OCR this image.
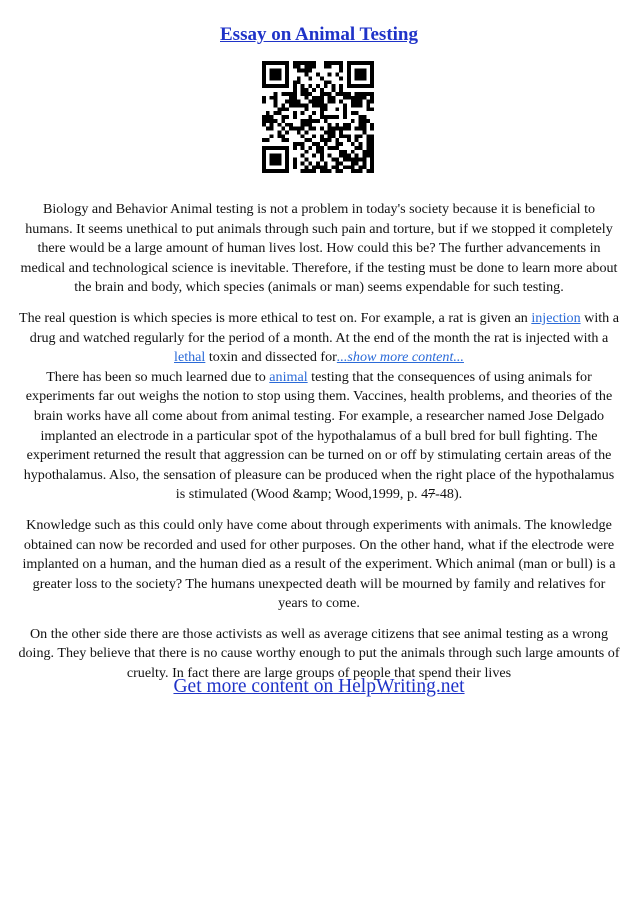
Essay on Animal Testing

Biology and Behavior Animal testing is not a problem in today's society because it is beneficial to humans. It seems unethical to put animals through such pain and torture, but if we stopped it completely there would be a large amount of human lives lost. How could this be? The further advancements in medical and technological science is inevitable. Therefore, if the testing must be done to learn more about the brain and body, which species (animals or man) seems expendable for such testing.

The real question is which species is more ethical to test on. For example, a rat is given an injection with a drug and watched regularly for the period of a month. At the end of the month the rat is injected with a lethal toxin and dissected for...show more content...

There has been so much learned due to animal testing that the consequences of using animals for experiments far out weighs the notion to stop using them. Vaccines, health problems, and theories of the brain works have all come about from animal testing. For example, a researcher named Jose Delgado implanted an electrode in a particular spot of the hypothalamus of a bull bred for bull fighting. The experiment returned the result that aggression can be turned on or off by stimulating certain areas of the hypothalamus. Also, the sensation of pleasure can be produced when the right place of the hypothalamus is stimulated (Wood &amp; Wood,1999, p. 47-48).

Knowledge such as this could only have come about through experiments with animals. The knowledge obtained can now be recorded and used for other purposes. On the other hand, what if the electrode were implanted on a human, and the human died as a result of the experiment. Which animal (man or bull) is a greater loss to the society? The humans unexpected death will be mourned by family and relatives for years to come.

On the other side there are those activists as well as average citizens that see animal testing as a wrong doing. They believe that there is no cause worthy enough to put the animals through such large amounts of cruelty. In fact there are large groups of people that spend their lives

Get more content on HelpWriting.net
